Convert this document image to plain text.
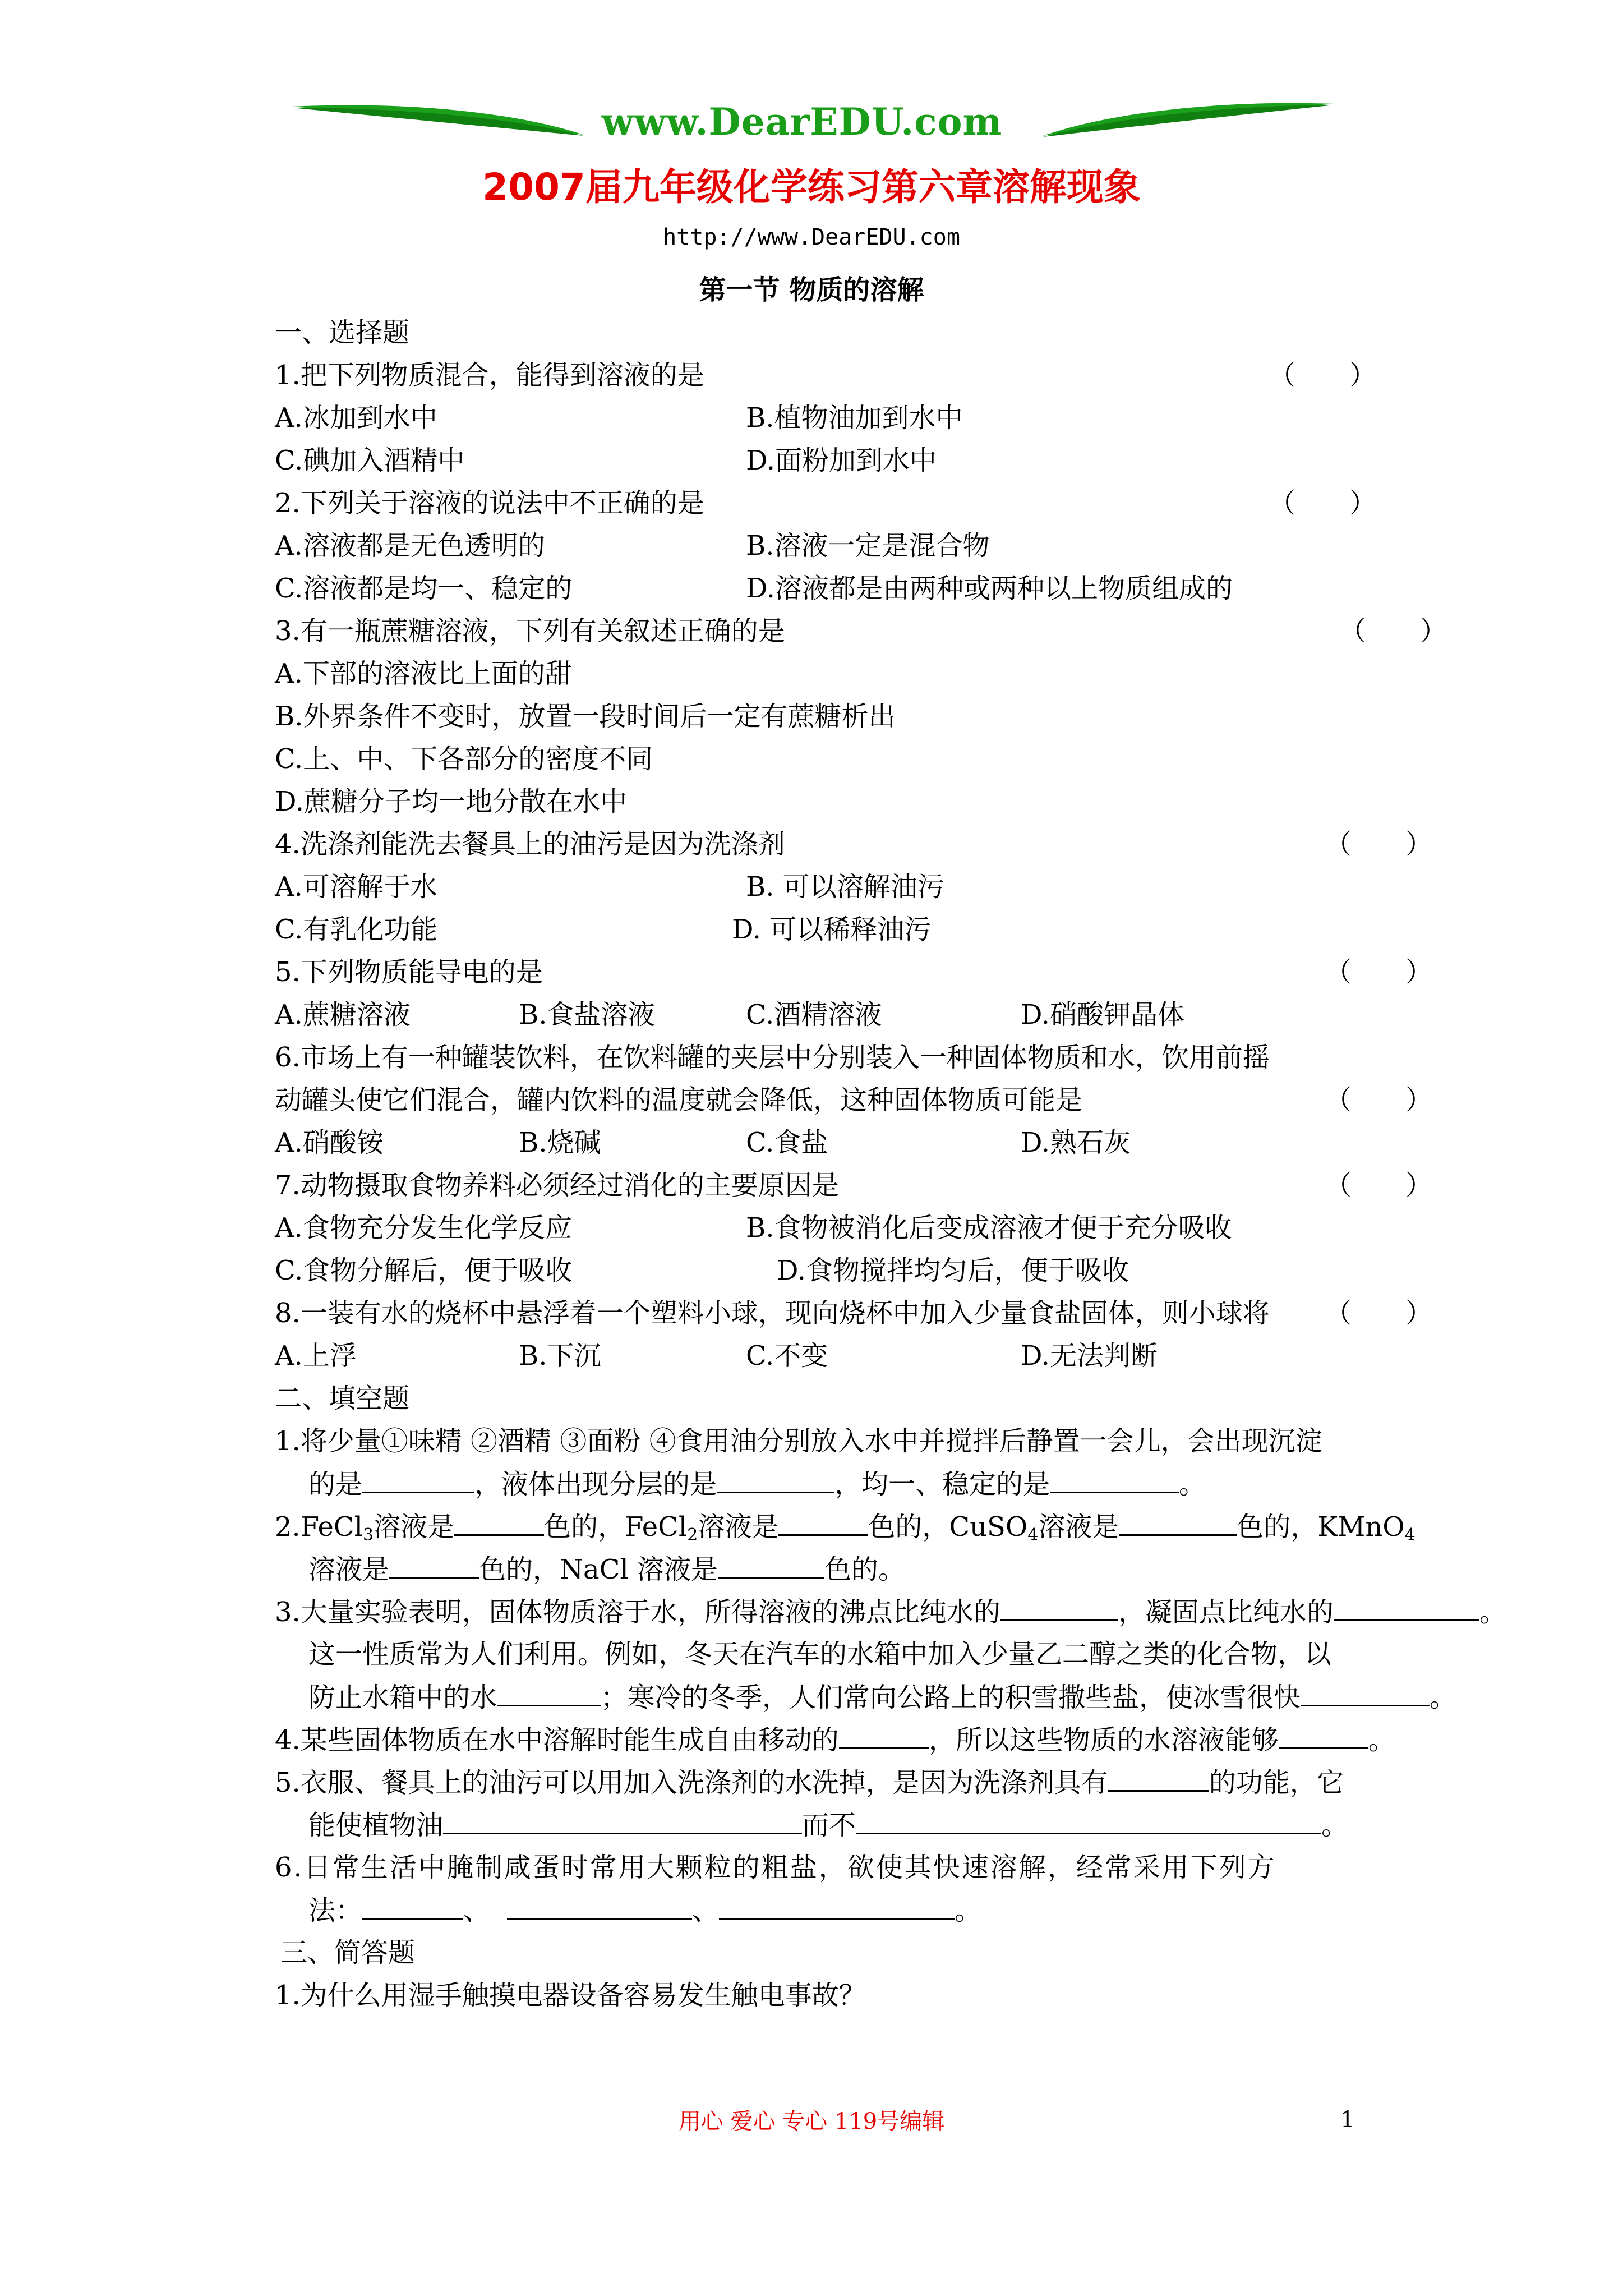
www.DearEDU.com
2007届九年级化学练习第六章溶解现象
http://www.DearEDU.com
第一节 物质的溶解
一、选择题
1.把下列物质混合，能得到溶液的是	（　　）
A.冰加到水中	B.植物油加到水中
C.碘加入酒精中	D.面粉加到水中
2.下列关于溶液的说法中不正确的是	（　　）
A.溶液都是无色透明的	B.溶液一定是混合物
C.溶液都是均一、稳定的	D.溶液都是由两种或两种以上物质组成的
3.有一瓶蔗糖溶液，下列有关叙述正确的是	（　　）
A.下部的溶液比上面的甜
B.外界条件不变时，放置一段时间后一定有蔗糖析出
C.上、中、下各部分的密度不同
D.蔗糖分子均一地分散在水中
4.洗涤剂能洗去餐具上的油污是因为洗涤剂	（　　）
A.可溶解于水	B. 可以溶解油污
C.有乳化功能	D. 可以稀释油污
5.下列物质能导电的是	（　　）
A.蔗糖溶液	B.食盐溶液	C.酒精溶液	D.硝酸钾晶体
6.市场上有一种罐装饮料，在饮料罐的夹层中分别装入一种固体物质和水，饮用前摇
动罐头使它们混合，罐内饮料的温度就会降低，这种固体物质可能是	（　　）
A.硝酸铵	B.烧碱	C.食盐	D.熟石灰
7.动物摄取食物养料必须经过消化的主要原因是	（　　）
A.食物充分发生化学反应	B.食物被消化后变成溶液才便于充分吸收
C.食物分解后，便于吸收	D.食物搅拌均匀后，便于吸收
8.一装有水的烧杯中悬浮着一个塑料小球，现向烧杯中加入少量食盐固体，则小球将 （　　）
A.上浮	B.下沉	C.不变	D.无法判断
二、填空题
1.将少量①味精 ②酒精 ③面粉 ④食用油分别放入水中并搅拌后静置一会儿，会出现沉淀
的是	，液体出现分层的是	，均一、稳定的是	。
2.FeCl$_3$溶液是	色的，FeCl$_2$溶液是	色的，CuSO$_4$溶液是	色的，KMnO$_4$
溶液是	色的，NaCl 溶液是	色的。
3.大量实验表明，固体物质溶于水，所得溶液的沸点比纯水的	，凝固点比纯水的	。
这一性质常为人们利用。例如，冬天在汽车的水箱中加入少量乙二醇之类的化合物，以
防止水箱中的水	；寒冷的冬季，人们常向公路上的积雪撒些盐，使冰雪很快	。
4.某些固体物质在水中溶解时能生成自由移动的	，所以这些物质的水溶液能够	。
5.衣服、餐具上的油污可以用加入洗涤剂的水洗掉，是因为洗涤剂具有	的功能，它
能使植物油	而不	。
6.日常生活中腌制咸蛋时常用大颗粒的粗盐，欲使其快速溶解，经常采用下列方
法：	、	、	。
三、简答题
1.为什么用湿手触摸电器设备容易发生触电事故？
用心 爱心 专心 119号编辑	1
